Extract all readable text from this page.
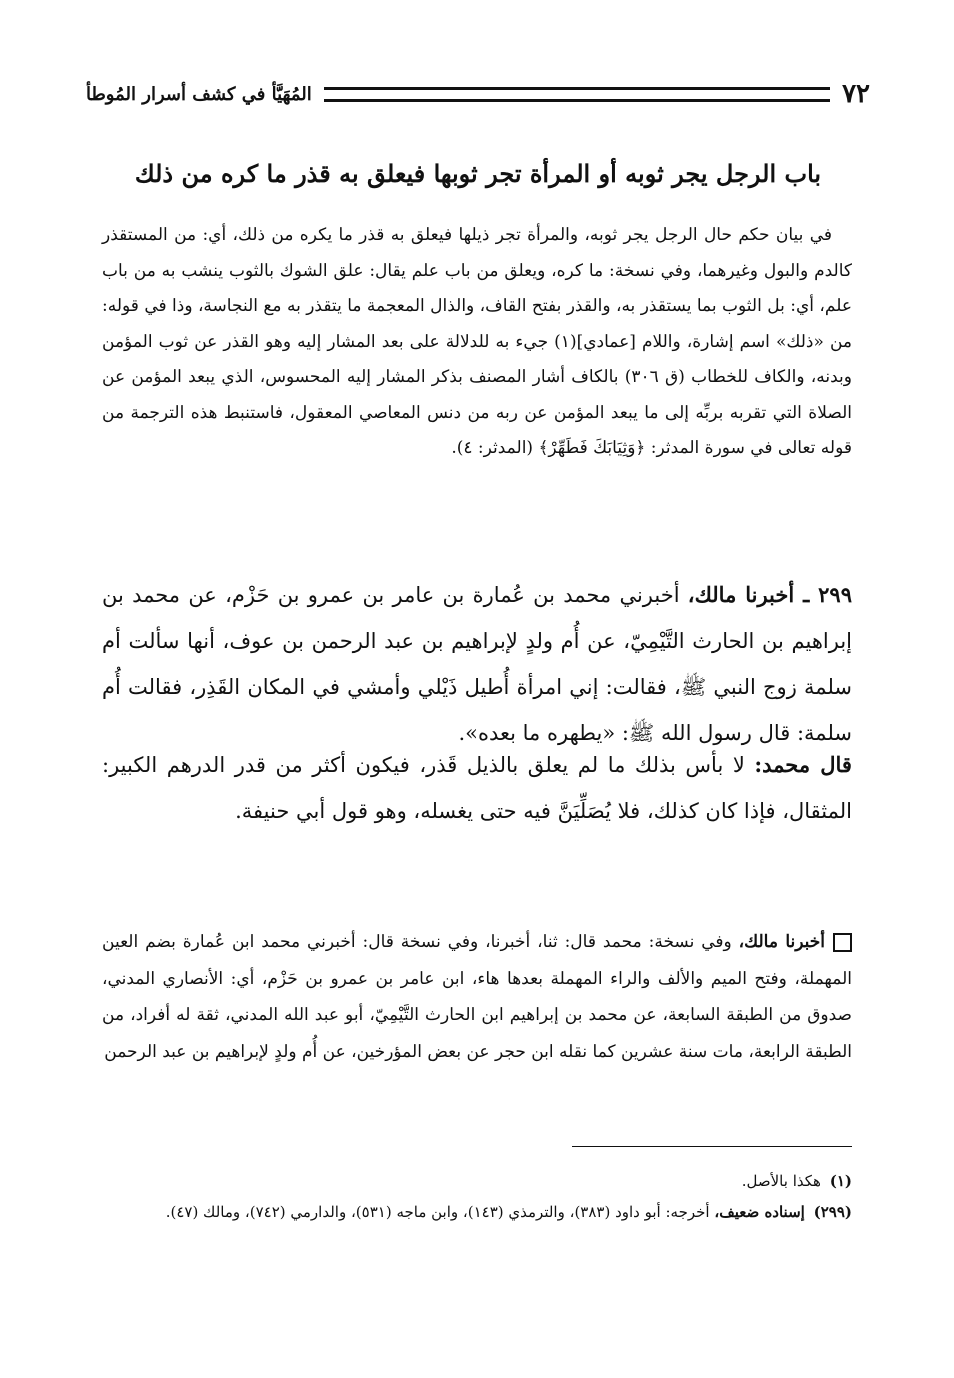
٧٢
المُهَيَّأ في كشف أسرار المُوطأ
باب الرجل يجر ثوبه أو المرأة تجر ثوبها فيعلق به قذر ما كره من ذلك

في بيان حكم حال الرجل يجر ثوبه، والمرأة تجر ذيلها فيعلق به قذر ما يكره من ذلك، أي: من المستقذر كالدم والبول وغيرهما، وفي نسخة: ما كره، ويعلق من باب علم يقال: علق الشوك بالثوب ينشب به من باب علم، أي: بل الثوب بما يستقذر به، والقذر بفتح القاف، والذال المعجمة ما يتقذر به مع النجاسة، وذا في قوله: من «ذلك» اسم إشارة، واللام [عمادي](١) جيء به للدلالة على بعد المشار إليه وهو القذر عن ثوب المؤمن وبدنه، والكاف للخطاب (ق ٣٠٦) بالكاف أشار المصنف بذكر المشار إليه المحسوس، الذي يبعد المؤمن عن الصلاة التي تقربه بربِّه إلى ما يبعد المؤمن عن ربه من دنس المعاصي المعقول، فاستنبط هذه الترجمة من قوله تعالى في سورة المدثر: ﴿وَثِيَابَكَ فَطَهِّرْ﴾ (المدثر: ٤).

٢٩٩ ـ أخبرنا مالك، أخبرني محمد بن عُمارة بن عامر بن عمرو بن حَزْم، عن محمد بن إبراهيم بن الحارث التَّيْمِيّ، عن أُم ولدٍ لإبراهيم بن عبد الرحمن بن عوف، أنها سألت أم سلمة زوج النبي ﷺ، فقالت: إني امرأة أُطيل ذَيْلي وأمشي في المكان القَذِر، فقالت أُم سلمة: قال رسول الله ﷺ: «يطهره ما بعده».

قال محمد: لا بأس بذلك ما لم يعلق بالذيل قَذر، فيكون أكثر من قدر الدرهم الكبير: المثقال، فإذا كان كذلك، فلا يُصَلِّيَنَّ فيه حتى يغسله، وهو قول أبي حنيفة.

أخبرنا مالك، وفي نسخة: محمد قال: ثنا، أخبرنا، وفي نسخة قال: أخبرني محمد ابن عُمارة بضم العين المهملة، وفتح الميم والألف والراء المهملة بعدها هاء، ابن عامر بن عمرو بن حَزْم، أي: الأنصاري المدني، صدوق من الطبقة السابعة، عن محمد بن إبراهيم ابن الحارث التَّيْمِيّ، أبو عبد الله المدني، ثقة له أفراد، من الطبقة الرابعة، مات سنة عشرين كما نقله ابن حجر عن بعض المؤرخين، عن أُم ولدٍ لإبراهيم بن عبد الرحمن

(١) هكذا بالأصل.

(٢٩٩) إسناده ضعيف، أخرجه: أبو داود (٣٨٣)، والترمذي (١٤٣)، وابن ماجه (٥٣١)، والدارمي (٧٤٢)، ومالك (٤٧).
